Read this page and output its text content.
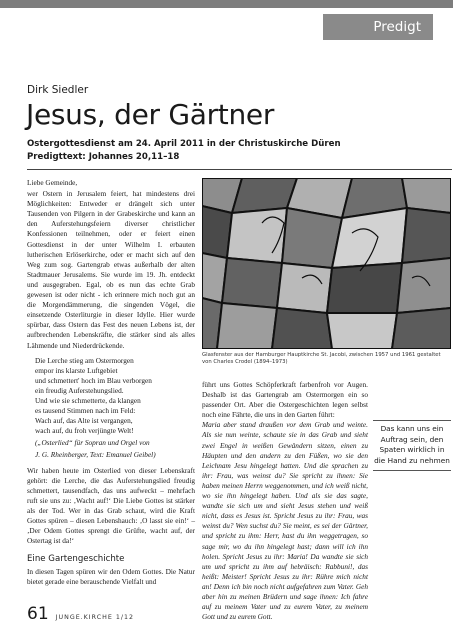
Predigt
Dirk Siedler
Jesus, der Gärtner
Ostergottesdienst am 24. April 2011 in der Christuskirche Düren
Predigttext: Johannes 20,11–18
Liebe Gemeinde,
wer Ostern in Jerusalem feiert, hat mindestens drei Möglichkeiten: Entweder er drängelt sich unter Tausenden von Pilgern in der Grabeskirche und kann an den Auferstehungsfeiern diverser christlicher Konfessionen teilnehmen, oder er feiert einen Gottesdienst in der unter Wilhelm I. erbauten lutherischen Erlöserkirche, oder er macht sich auf den Weg zum sog. Gartengrab etwas außerhalb der alten Stadtmauer Jerusalems. Sie wurde im 19. Jh. entdeckt und ausgegraben. Egal, ob es nun das echte Grab gewesen ist oder nicht - ich erinnere mich noch gut an die Morgendämmerung, die singenden Vögel, die einsetzende Osterliturgie in dieser Idylle. Hier wurde spürbar, dass Ostern das Fest des neuen Lebens ist, der aufbrechenden Lebenskräfte, die stärker sind als alles Lähmende und Niederdrückende.
Die Lerche stieg am Ostermorgen
empor ins klarste Luftgebiet
und schmettert' hoch im Blau verborgen
ein freudig Auferstehungslied.
Und wie sie schmetterte, da klangen
es tausend Stimmen nach im Feld:
Wach auf, das Alte ist vergangen,
wach auf, du froh verjüngte Welt!
(„Osterlied“ für Sopran und Orgel von
J. G. Rheinberger, Text: Emanuel Geibel)
Wir haben heute im Osterlied von dieser Lebenskraft gehört: die Lerche, die das Auferstehungslied freudig schmettert, tausendfach, das uns aufweckt – mehrfach ruft sie uns zu: ‚Wacht auf!‘ Die Liebe Gottes ist stärker als der Tod. Wer in das Grab schaut, wird die Kraft Gottes spüren – diesen Lebenshauch: ‚O lasst sie ein!‘ – ‚Der Odem Gottes sprengt die Grüfte, wacht auf, der Ostertag ist da!‘
Eine Gartengeschichte
In diesen Tagen spüren wir den Odem Gottes. Die Natur bietet gerade eine berauschende Vielfalt und
Glasfenster aus der Hamburger Hauptkirche St. Jacobi, zwischen 1957 und 1961 gestaltet von Charles Crodel (1894–1973)
führt uns Gottes Schöpferkraft farbenfroh vor Augen. Deshalb ist das Gartengrab am Ostermorgen ein so passender Ort. Aber die Ostergeschichten legen selbst noch eine Fährte, die uns in den Garten führt:
Maria aber stand draußen vor dem Grab und weinte. Als sie nun weinte, schaute sie in das Grab und sieht zwei Engel in weißen Gewändern sitzen, einen zu Häupten und den andern zu den Füßen, wo sie den Leichnam Jesu hingelegt hatten. Und die sprachen zu ihr: Frau, was weinst du? Sie spricht zu ihnen: Sie haben meinen Herrn weggenommen, und ich weiß nicht, wo sie ihn hingelegt haben. Und als sie das sagte, wandte sie sich um und sieht Jesus stehen und weiß nicht, dass es Jesus ist. Spricht Jesus zu ihr: Frau, was weinst du? Wen suchst du? Sie meint, es sei der Gärtner, und spricht zu ihm: Herr, hast du ihn weggetragen, so sage mir, wo du ihn hingelegt hast; dann will ich ihn holen. Spricht Jesus zu ihr: Maria! Da wandte sie sich um und spricht zu ihm auf hebräisch: Rabbuni!, das heißt: Meister! Spricht Jesus zu ihr: Rühre mich nicht an! Denn ich bin noch nicht aufgefahren zum Vater. Geh aber hin zu meinen Brüdern und sage ihnen: Ich fahre auf zu meinem Vater und zu eurem Vater, zu meinem Gott und zu eurem Gott.
Das kann uns ein Auftrag sein, den Spaten wirklich in die Hand zu nehmen
61 JUNGE.KIRCHE 1/12
